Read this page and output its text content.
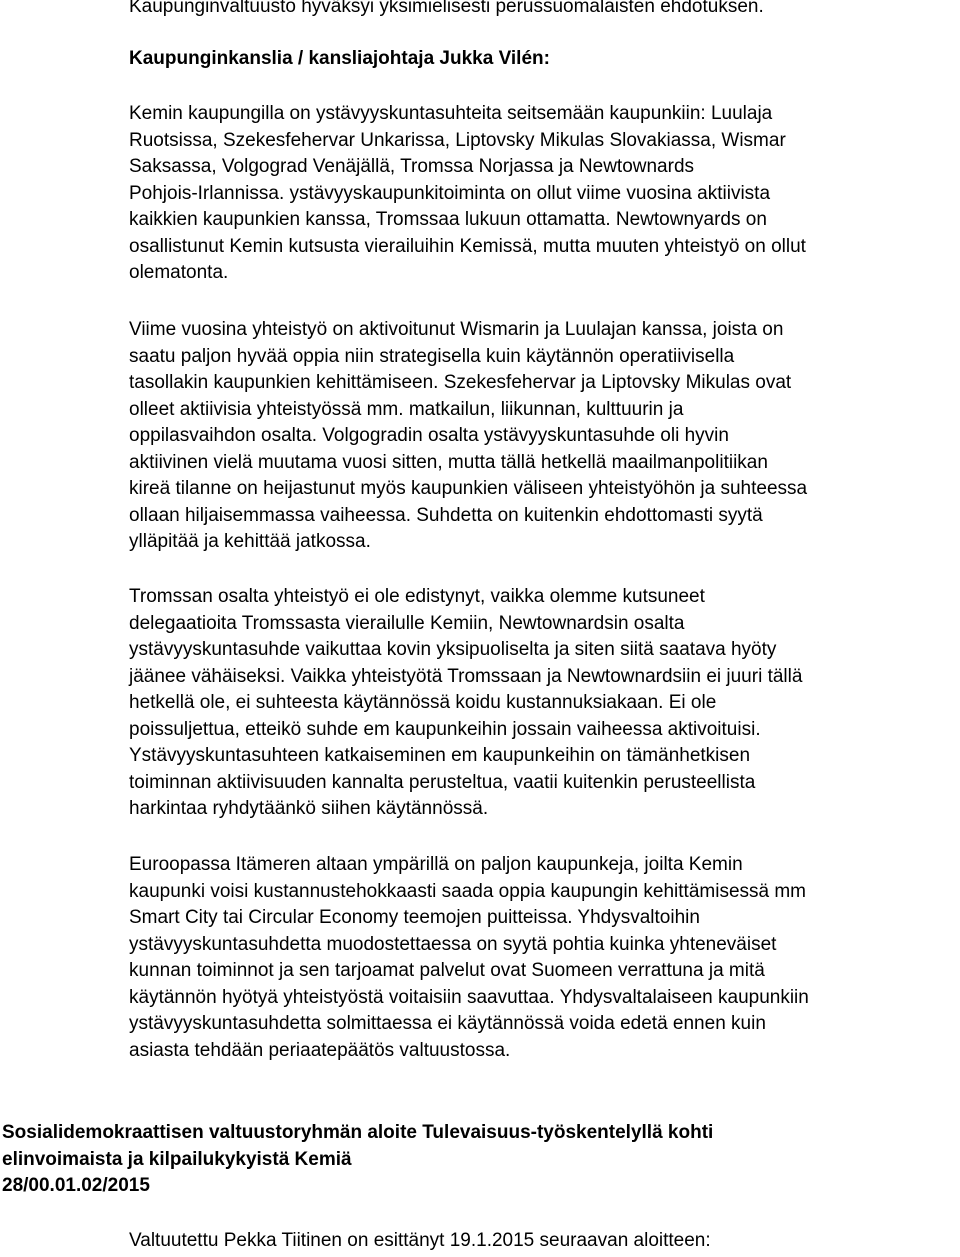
Kaupunginvaltuusto hyväksyi yksimielisesti perussuomalaisten ehdotuksen.
Kaupunginkanslia / kansliajohtaja Jukka Vilén:
Kemin kaupungilla on ystävyyskuntasuhteita seitsemään kaupunkiin: Luulaja
Ruotsissa, Szekesfehervar Unkarissa, Liptovsky Mikulas Slovakiassa, Wismar
Saksassa, Volgograd Venäjällä, Tromssa Norjassa ja Newtownards
Pohjois-Irlannissa. ystävyyskaupunkitoiminta on ollut viime vuosina aktiivista
kaikkien kaupunkien kanssa, Tromssaa lukuun ottamatta. Newtownyards on
osallistunut Kemin kutsusta vierailuihin Kemissä, mutta muuten yhteistyö on ollut
olematonta.
Viime vuosina yhteistyö on aktivoitunut Wismarin ja Luulajan kanssa, joista on
saatu paljon hyvää oppia niin strategisella kuin käytännön operatiivisella
tasollakin kaupunkien kehittämiseen. Szekesfehervar ja Liptovsky Mikulas ovat
olleet aktiivisia yhteistyössä mm. matkailun, liikunnan, kulttuurin ja
oppilasvaihdon osalta. Volgogradin osalta ystävyyskuntasuhde oli hyvin
aktiivinen vielä muutama vuosi sitten, mutta tällä hetkellä maailmanpolitiikan
kireä tilanne on heijastunut myös kaupunkien väliseen yhteistyöhön ja suhteessa
ollaan hiljaisemmassa vaiheessa. Suhdetta on kuitenkin ehdottomasti syytä
ylläpitää ja kehittää jatkossa.
Tromssan osalta yhteistyö ei ole edistynyt, vaikka olemme kutsuneet
delegaatioita Tromssasta vierailulle Kemiin, Newtownardsin osalta
ystävyyskuntasuhde vaikuttaa kovin yksipuoliselta ja siten siitä saatava hyöty
jäänee vähäiseksi. Vaikka yhteistyötä Tromssaan ja Newtownardsiin ei juuri tällä
hetkellä ole, ei suhteesta käytännössä koidu kustannuksiakaan. Ei ole
poissuljettua, etteikö suhde em kaupunkeihin jossain vaiheessa aktivoituisi.
Ystävyyskuntasuhteen katkaiseminen em kaupunkeihin on tämänhetkisen
toiminnan aktiivisuuden kannalta perusteltua, vaatii kuitenkin perusteellista
harkintaa ryhdytäänkö siihen käytännössä.
Euroopassa Itämeren altaan ympärillä on paljon kaupunkeja, joilta Kemin
kaupunki voisi kustannustehokkaasti saada oppia kaupungin kehittämisessä mm
Smart City tai Circular Economy teemojen puitteissa. Yhdysvaltoihin
ystävyyskuntasuhdetta muodostettaessa on syytä pohtia kuinka yhteneväiset
kunnan toiminnot ja sen tarjoamat palvelut ovat Suomeen verrattuna ja mitä
käytännön hyötyä yhteistyöstä voitaisiin saavuttaa. Yhdysvaltalaiseen kaupunkiin
ystävyyskuntasuhdetta solmittaessa ei käytännössä voida edetä ennen kuin
asiasta tehdään periaatepäätös valtuustossa.
Sosialidemokraattisen valtuustoryhmän aloite Tulevaisuus-työskentelyllä kohti
elinvoimaista ja kilpailukykyistä Kemiä
28/00.01.02/2015
Valtuutettu Pekka Tiitinen on esittänyt 19.1.2015 seuraavan aloitteen:
